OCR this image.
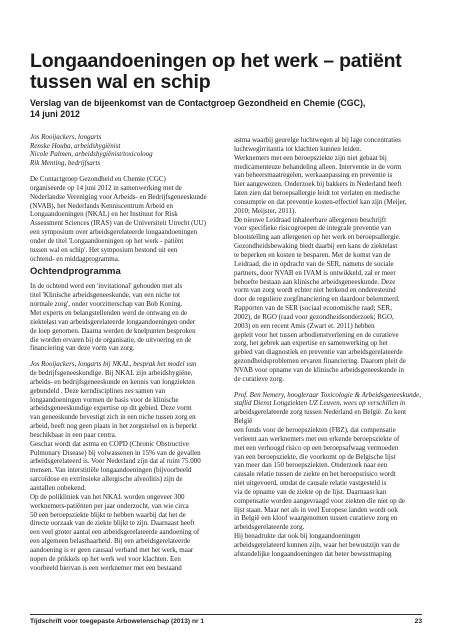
Longaandoeningen op het werk – patiënt
tussen wal en schip
Verslag van de bijeenkomst van de Contactgroep Gezondheid en Chemie (CGC),
14 juni 2012
Jos Rooijackers, longarts
Renske Houba, arbeidshygiënist
Nicole Palmen, arbeidshygiënist/toxicoloog
Rik Menting, bedrijfsarts
De Contactgroep Gezondheid en Chemie (CGC)
organiseerde op 14 juni 2012 in samenwerking met de
Nederlandse Vereniging voor Arbeids- en Bedrijfsgeneeskunde
(NVAB), het Nederlands Kenniscentrum Arbeid en
Longaandoeningen (NKAL) en het Instituut for Risk
Assessment Sciences (IRAS) van de Universiteit Utrecht (UU)
een symposium over arbeidsgerelateerde longaandoeningen
onder de titel 'Longaandoeningen op het werk - patiënt
tussen wal en schip'. Het symposium bestond uit een
ochtend- en middagprogramma.
Ochtendprogramma
In de ochtend werd een 'invitational' gehouden met als
titel 'Klinische arbeidsgeneeskunde, van een niche tot
normale zorg', onder voorzitterschap van Bob Koning.
Met experts en belangstellenden werd de ontwang en de
ziektelast van arbeidsgerelateerde longaandoeningen onder
de loep genomen. Daarna werden de knelpunten besproken
die worden ervaren bij de organisatie, de uitvoering en de
financiering van deze vorm van zorg.
Jos Rooijackers, longarts bij NKAL, besprak het model van
de bedrijfsgeneeskundige. Bij NKAL zijn arbeidshygiëne,
arbeids- en bedrijfsgeneeskunde en kennis van longziekten
gebundeld . Deze kerndisciplines zes samen van
longaandoeningen vormen de basis voor de klinische
arbeidsgeneeskundige expertise op dit gebied. Deze vorm
van geneeskunde bevestigt zich in een niche tussen zorg en
arbeid, heeft nog geen plaats in het zorgstelsel en is beperkt
beschikbaar in een paar centra.
Geschat wordt dat astma en COPD (Chronic Obstructive
Pulmonary Disease) bij volwassenen in 15% van de gevallen
arbeidsgerelateerd is. Voor Nederland zijn dat al ruim 75.000
mensen. Van interstitiële longaandoeningen (bijvoorbeeld
sarcoïdose en extrinsieke allergische alveolitis) zijn de
aantallen onbekend.
Op de polikliniek van het NKAL worden ongeveer 300
werknemers-patiënten per jaar onderzocht, van wie circa
50 een beroepsziekte blijkt te hebben waarbij dat het de
directe oorzaak van de ziekte blijkt te zijn. Daarnaast heeft
een veel groter aantal een arbeidsgerelateerde aandoening of
een algemeen belasthaarheid. Bij een arbeidsgerelateerde
aandoening is er geen causaal verband met het werk, maar
nopen de prikkels op het werk wel voor klachten. Een
voorbeeld hiervan is een werknemer met een bestaand
astma waarbij geurelge luchtwegen al bij lage concentraties
luchtwegirritantia tot klachten kunnen leiden.
Werknemers met een beroepsziekte zijn niet gebaat bij
medicamenteuze behandeling alleen. Interventie in de vorm
van beheersmaatregelen, werkaanpassing en preventie is
hier aangewezen. Onderzoek bij bakkers in Nederland heeft
laten zien dat beroepsallergie leidt tot verlaten en medische
consumptie en dat preventie kosten-effectief kan zijn (Meijer,
2010; Meijster, 2011).
De nieuwe Leidraad inhaleerbare allergenen beschrijft
voor specifieke risicogroepen de integrale preventie van
blootstelling aan allergenen op het werk en beroepsallergie.
Gezondheidsbewaking biedt daarbij een kans de ziektelast
te beperken en kosten te besparen. Met de komst van de
Leidraad, die in opdracht van de SER, namens de sociale
partners, door NVAB en IVAM is ontwikkeld, zal er meer
behoefte bestaan aan klinische arbeidsgeneeskunde. Deze
vorm van zorg wordt echter niet herkend en onderesteund
door de reguliere zorgfinanciering en daardoor belemmerd.
Rapporten van de SER (sociaal economische raad; SER,
2002), de RGO (raad voor gezondheidsonderzoek; RGO,
2003) en een recent Amis (Zwart et. 2011) hebben
gepleit voor het tussen arbodienstverlening en de curatieve
zorg, het gebrek aan expertise en samenwerking op het
gebied van diagnostiek en preventie van arbeidsgerelateerde
gezondheidsproblemen ervaren financiering. Daarom pleit de
NVAB voor opname van de klinische arbeidsgeneeskunde in
de curatieve zorg.
Prof. Ben Nemery, hoogleraar Toxicologie & Arbeidsgeneeskunde,
staflid Dienst Longziekten UZ Leuven, wees op verschillen in
arbeidsgerelateerde zorg tussen Nederland en België. Zo kent
België
een fonds voor de beroepsziekten (FBZ), dat compensatie
verleent aan werknemers met een erkende beroepsziekte of
met een verhoogd risico op een beroepsafwaag vermoeden
van een beroepsziekte, die voorkomt op de Belgische lijst
van meer dan 150 beroepsziekten. Onderzoek naar een
causale relatie tussen de ziekte en het beroepsrisico wordt
niet uitgevoerd, omdat de causale relatie vastgesteld is
via de opname van de ziekte op de lijst. Daarnaast kan
compensatie worden aangevraagd voor ziekten die niet op de
lijst staan. Maar net als in veel Europese landen wordt ook
in België een kloof waargenomen tussen curatieve zorg en
arbeidsgerelateerde zorg.
Hij benadrukte dat ook bij longaandoeningen
arbeidsgerelateerd kunnen zijn, waar het bewustzijn van de
afstandelijke longaandoeningen dat beter bewustmaping
Tijdschrift voor toegepaste Arbowetenschap (2013) nr 1	23
